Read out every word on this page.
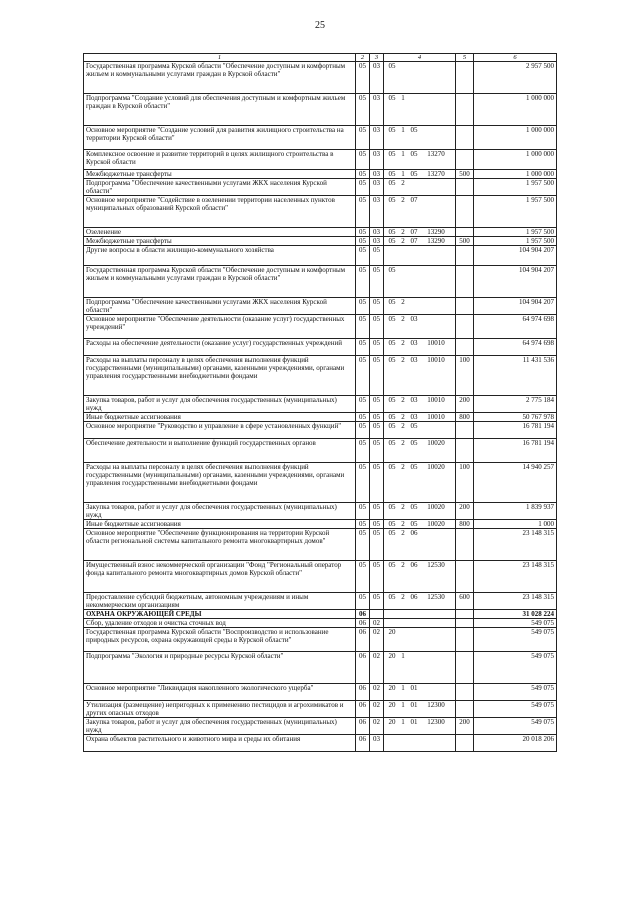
25
1	2	3	4	5	6
Государственная программа Курской области "Обеспечение доступным и комфортным жильем и коммунальными услугами граждан в Курской области"	05	03	05		2 957 500
Подпрограмма "Создание условий для обеспечения доступным и комфортным жильем граждан в Курской области"	05	03	05 1		1 000 000
Основное мероприятие "Создание условий для развития жилищного строительства на территории Курской области"	05	03	05 1 05		1 000 000
Комплексное освоение и развитие территорий в целях жилищного строительства в Курской области	05	03	05 1 05 13270		1 000 000
Межбюджетные трансферты	05	03	05 1 05 13270	500	1 000 000
Подпрограмма "Обеспечение качественными услугами ЖКХ населения Курской области"	05	03	05 2		1 957 500
Основное мероприятие "Содействие в озеленении территории населенных пунктов муниципальных образований Курской области"	05	03	05 2 07		1 957 500
Озеленение	05	03	05 2 07 13290		1 957 500
Межбюджетные трансферты	05	03	05 2 07 13290	500	1 957 500
Другие вопросы в области жилищно-коммунального хозяйства	05	05			104 904 207
Государственная программа Курской области "Обеспечение доступным и комфортным жильем и коммунальными услугами граждан в Курской области"	05	05	05		104 904 207
Подпрограмма "Обеспечение качественными услугами ЖКХ населения Курской области"	05	05	05 2		104 904 207
Основное мероприятие "Обеспечение деятельности (оказание услуг) государственных учреждений"	05	05	05 2 03		64 974 698
Расходы на обеспечение деятельности (оказание услуг) государственных учреждений	05	05	05 2 03 10010		64 974 698
Расходы на выплаты персоналу в целях обеспечения выполнения функций государственными (муниципальными) органами, казенными учреждениями, органами управления государственными внебюджетными фондами	05	05	05 2 03 10010	100	11 431 536
Закупка товаров, работ и услуг для обеспечения государственных (муниципальных) нужд	05	05	05 2 03 10010	200	2 775 184
Иные бюджетные ассигнования	05	05	05 2 03 10010	800	50 767 978
Основное мероприятие "Руководство и управление в сфере установленных функций"	05	05	05 2 05		16 781 194
Обеспечение деятельности и выполнение функций государственных органов	05	05	05 2 05 10020		16 781 194
Расходы на выплаты персоналу в целях обеспечения выполнения функций государственными (муниципальными) органами, казенными учреждениями, органами управления государственными внебюджетными фондами	05	05	05 2 05 10020	100	14 940 257
Закупка товаров, работ и услуг для обеспечения государственных (муниципальных) нужд	05	05	05 2 05 10020	200	1 839 937
Иные бюджетные ассигнования	05	05	05 2 05 10020	800	1 000
Основное мероприятие "Обеспечение функционирования на территории Курской области региональной системы капитального ремонта многоквартирных домов"	05	05	05 2 06		23 148 315
Имущественный взнос некоммерческой организации "Фонд "Региональный оператор фонда капитального ремонта многоквартирных домов Курской области"	05	05	05 2 06 12530		23 148 315
Предоставление субсидий бюджетным, автономным учреждениям и иным некоммерческим организациям	05	05	05 2 06 12530	600	23 148 315
ОХРАНА ОКРУЖАЮЩЕЙ СРЕДЫ	06				31 028 224
Сбор, удаление отходов и очистка сточных вод	06	02			549 075
Государственная программа Курской области "Воспроизводство и использование природных ресурсов, охрана окружающей среды в Курской области"	06	02	20		549 075
Подпрограмма "Экология и природные ресурсы Курской области"	06	02	20 1		549 075
Основное мероприятие "Ликвидация накопленного экологического ущерба"	06	02	20 1 01		549 075
Утилизация (размещение) непригодных к применению пестицидов и агрохимикатов и других опасных отходов	06	02	20 1 01 12300		549 075
Закупка товаров, работ и услуг для обеспечения государственных (муниципальных) нужд	06	02	20 1 01 12300	200	549 075
Охрана объектов растительного и животного мира и среды их обитания	06	03			20 018 206
